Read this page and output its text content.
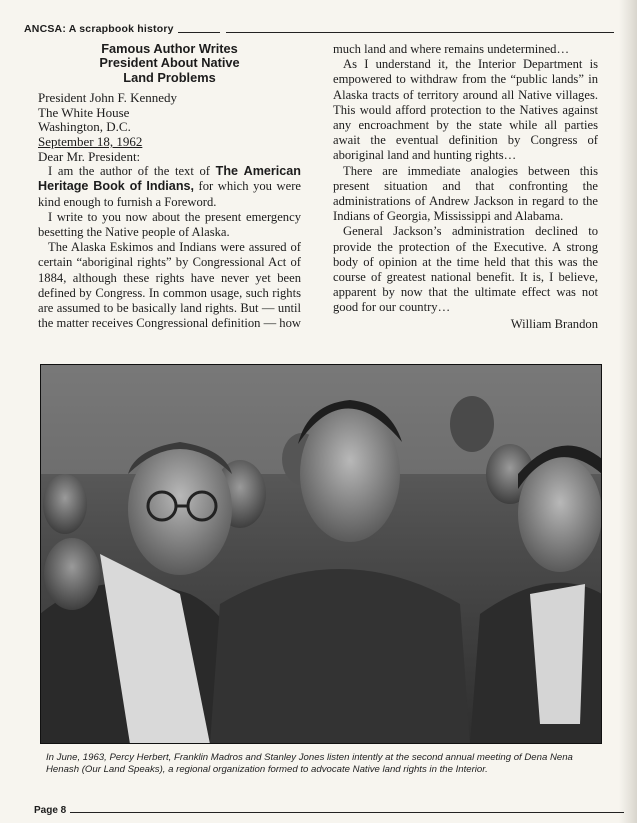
ANCSA: A scrapbook history
Famous Author Writes
President About Native
Land Problems
President John F. Kennedy
The White House
Washington, D.C.
September 18, 1962
Dear Mr. President:

I am the author of the text of The American Heritage Book of Indians, for which you were kind enough to furnish a Foreword.

I write to you now about the present emergency besetting the Native people of Alaska.

The Alaska Eskimos and Indians were assured of certain “aboriginal rights” by Congressional Act of 1884, although these rights have never yet been defined by Congress. In common usage, such rights are assumed to be basically land rights. But — until the matter receives Congressional definition — how

much land and where remains undetermined…

As I understand it, the Interior Department is empowered to withdraw from the “public lands” in Alaska tracts of territory around all Native villages. This would afford protection to the Natives against any encroachment by the state while all parties await the eventual definition by Congress of aboriginal land and hunting rights…

There are immediate analogies between this present situation and that confronting the administrations of Andrew Jackson in regard to the Indians of Georgia, Mississippi and Alabama.

General Jackson’s administration declined to provide the protection of the Executive. A strong body of opinion at the time held that this was the course of greatest national benefit. It is, I believe, apparent by now that the ultimate effect was not good for our country…

William Brandon
In June, 1963, Percy Herbert, Franklin Madros and Stanley Jones listen intently at the second annual meeting of Dena Nena Henash (Our Land Speaks), a regional organization formed to advocate Native land rights in the Interior.
Page 8
